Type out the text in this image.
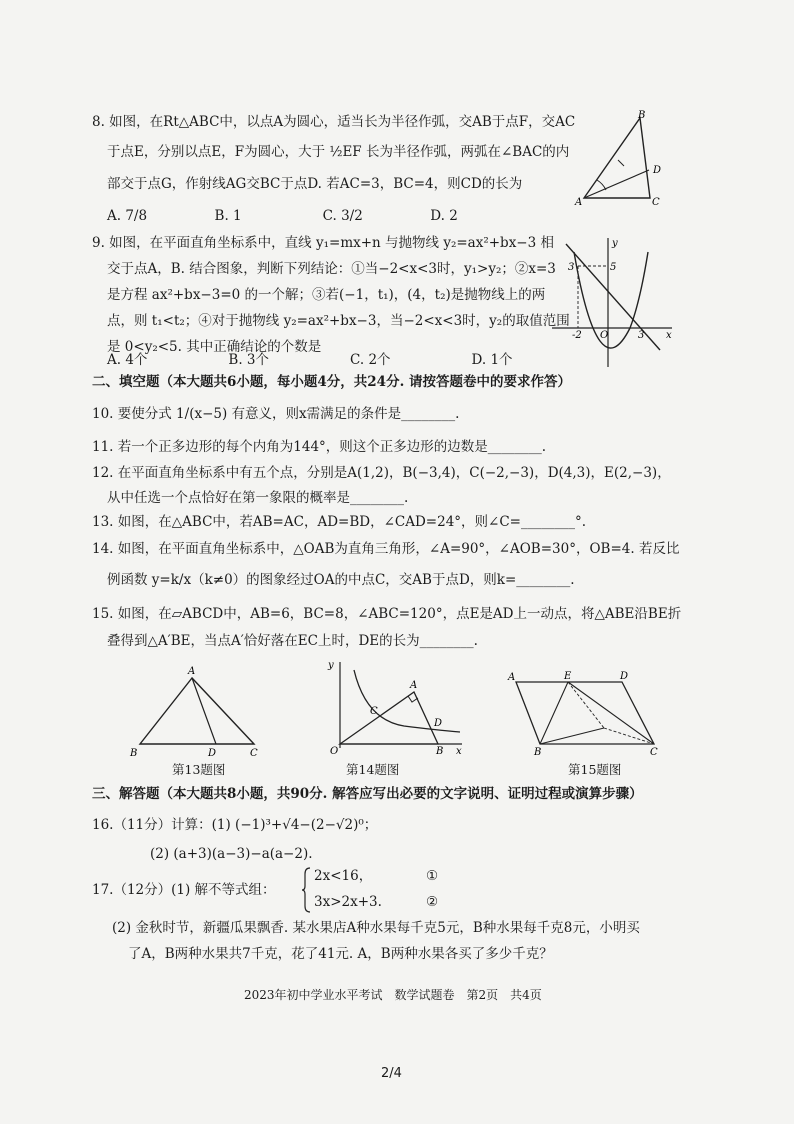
8. 如图，在Rt△ABC中，以点A为圆心，适当长为半径作弧，交AB于点F，交AC
于点E，分别以点E，F为圆心，大于 ½EF 长为半径作弧，两弧在∠BAC的内
部交于点G，作射线AG交BC于点D. 若AC=3，BC=4，则CD的长为
A. 7/8　　　　　B. 1　　　　　　C. 3/2　　　　　D. 2
B
A	C
D
9. 如图，在平面直角坐标系中，直线 y₁=mx+n 与抛物线 y₂=ax²+bx−3 相
交于点A，B. 结合图象，判断下列结论：①当−2<x<3时，y₁>y₂；②x=3
是方程 ax²+bx−3=0 的一个解；③若(−1，t₁)，(4，t₂)是抛物线上的两
点，则 t₁<t₂；④对于抛物线 y₂=ax²+bx−3，当−2<x<3时，y₂的取值范围
是 0<y₂<5. 其中正确结论的个数是
A. 4个　　　　　　B. 3个　　　　　　C. 2个　　　　　　D. 1个
y
x
5
3
-2	3
O
二、填空题（本大题共6小题，每小题4分，共24分. 请按答题卷中的要求作答）
10. 要使分式 1/(x−5) 有意义，则x需满足的条件是________.
11. 若一个正多边形的每个内角为144°，则这个正多边形的边数是________.
12. 在平面直角坐标系中有五个点，分别是A(1,2)，B(−3,4)，C(−2,−3)，D(4,3)，E(2,−3)，
从中任选一个点恰好在第一象限的概率是________.
13. 如图，在△ABC中，若AB=AC，AD=BD，∠CAD=24°，则∠C=________°.
14. 如图，在平面直角坐标系中，△OAB为直角三角形，∠A=90°，∠AOB=30°，OB=4. 若反比
例函数 y=k/x（k≠0）的图象经过OA的中点C，交AB于点D，则k=________.
15. 如图，在▱ABCD中，AB=6，BC=8，∠ABC=120°，点E是AD上一动点，将△ABE沿BE折
叠得到△A′BE，当点A′恰好落在EC上时，DE的长为________.
A
B	D	C
第13题图
y
x
O
A
B
C
D
第14题图
A	E	D
B	C
第15题图
三、解答题（本大题共8小题，共90分. 解答应写出必要的文字说明、证明过程或演算步骤）
16.（11分）计算：(1) (−1)³+√4−(2−√2)⁰；
(2) (a+3)(a−3)−a(a−2).
17.（12分）(1) 解不等式组：
2x<16，
3x>2x+3.
①
②
(2) 金秋时节，新疆瓜果飘香. 某水果店A种水果每千克5元，B种水果每千克8元，小明买
了A，B两种水果共7千克，花了41元. A，B两种水果各买了多少千克？
2023年初中学业水平考试　数学试题卷　第2页　共4页
2/4
